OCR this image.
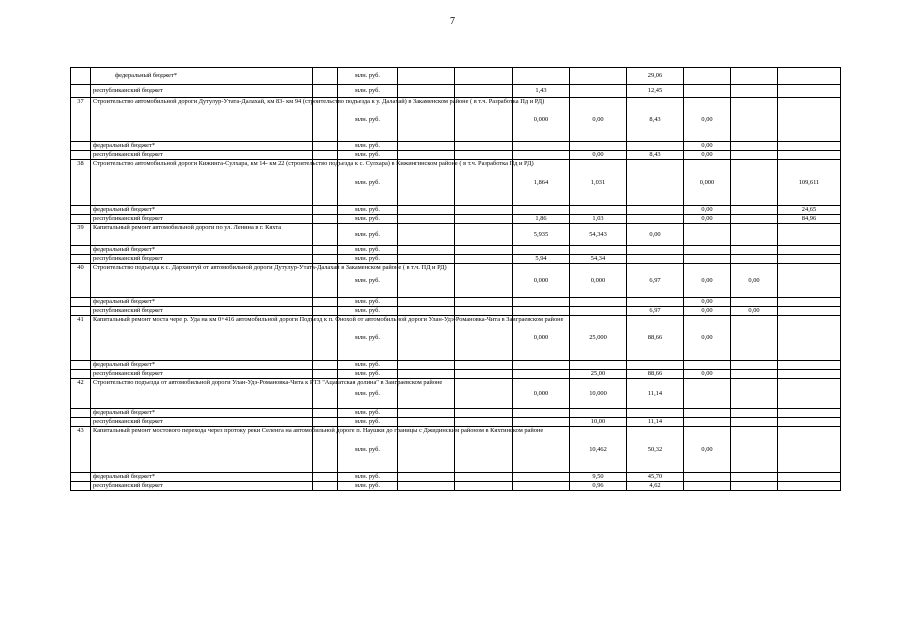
7
	федеральный бюджет*		млн. руб.					29,06			
	республиканский бюджет		млн. руб.			1,43		12,45			
37	Строительство автомобильной дороги Дутулур-Утата-Далахай, км 83- км 94 (строительство подъезда к у. Далахай) в Закаменском районе ( в т.ч. Разработка Пд и РД)		млн. руб.			0,000	0,00	8,43	0,00		
	федеральный бюджет*		млн. руб.						0,00		
	республиканский бюджет		млн. руб.				0,00	8,43	0,00		
38	Строительство автомобильной дороги Кижинга-Сулхара, км 14- км 22 (строительство подъезда к с. Сулхара) в Кижингинском районе ( в т.ч. Разработка Пд и РД)		млн. руб.			1,864	1,031		0,000		109,611
	федеральный бюджет*		млн. руб.						0,00		24,65
	республиканский бюджет		млн. руб.			1,86	1,03		0,00		84,96
39	Капитальный ремонт автомобильной дороги по ул. Ленина в г. Кяхта		млн. руб.			5,935	54,343	0,00			
	федеральный бюджет*		млн. руб.								
	республиканский бюджет		млн. руб.			5,94	54,34				
40	Строительство подъезда к с. Дархинтуй от автомобильной дороги Дутулур-Утата-Далахай в Закаменском районе ( в т.ч. ПД и РД)		млн. руб.			0,000	0,000	6,97	0,00	0,00	
	федеральный бюджет*		млн. руб.						0,00		
	республиканский бюджет		млн. руб.					6,97	0,00	0,00	
41	Капитальный ремонт моста чере р. Уда на км 0+416 автомобильной дороги Подъезд к п. Онохой от автомобильной дороги Улан-Удэ-Романовка-Чита в Заиграевском районе		млн. руб.			0,000	25,000	88,66	0,00		
	федеральный бюджет*		млн. руб.								
	республиканский бюджет		млн. руб.				25,00	88,66	0,00		
42	Строительство подъезда от автомобильной дороги Улан-Удэ-Романовка-Чита к РТЗ "Ацагатская долина" в Заиграевском районе		млн. руб.			0,000	10,000	11,14			
	федеральный бюджет*		млн. руб.								
	республиканский бюджет		млн. руб.				10,00	11,14			
43	Капитальный ремонт мостового перехода через протоку реки Селенга на автомобильной дороге п. Наушки до границы с Джидинским районом в Кяхтинском районе		млн. руб.				10,462	50,32	0,00		
	федеральный бюджет*		млн. руб.				9,50	45,70			
	республиканский бюджет		млн. руб.				0,96	4,62			
